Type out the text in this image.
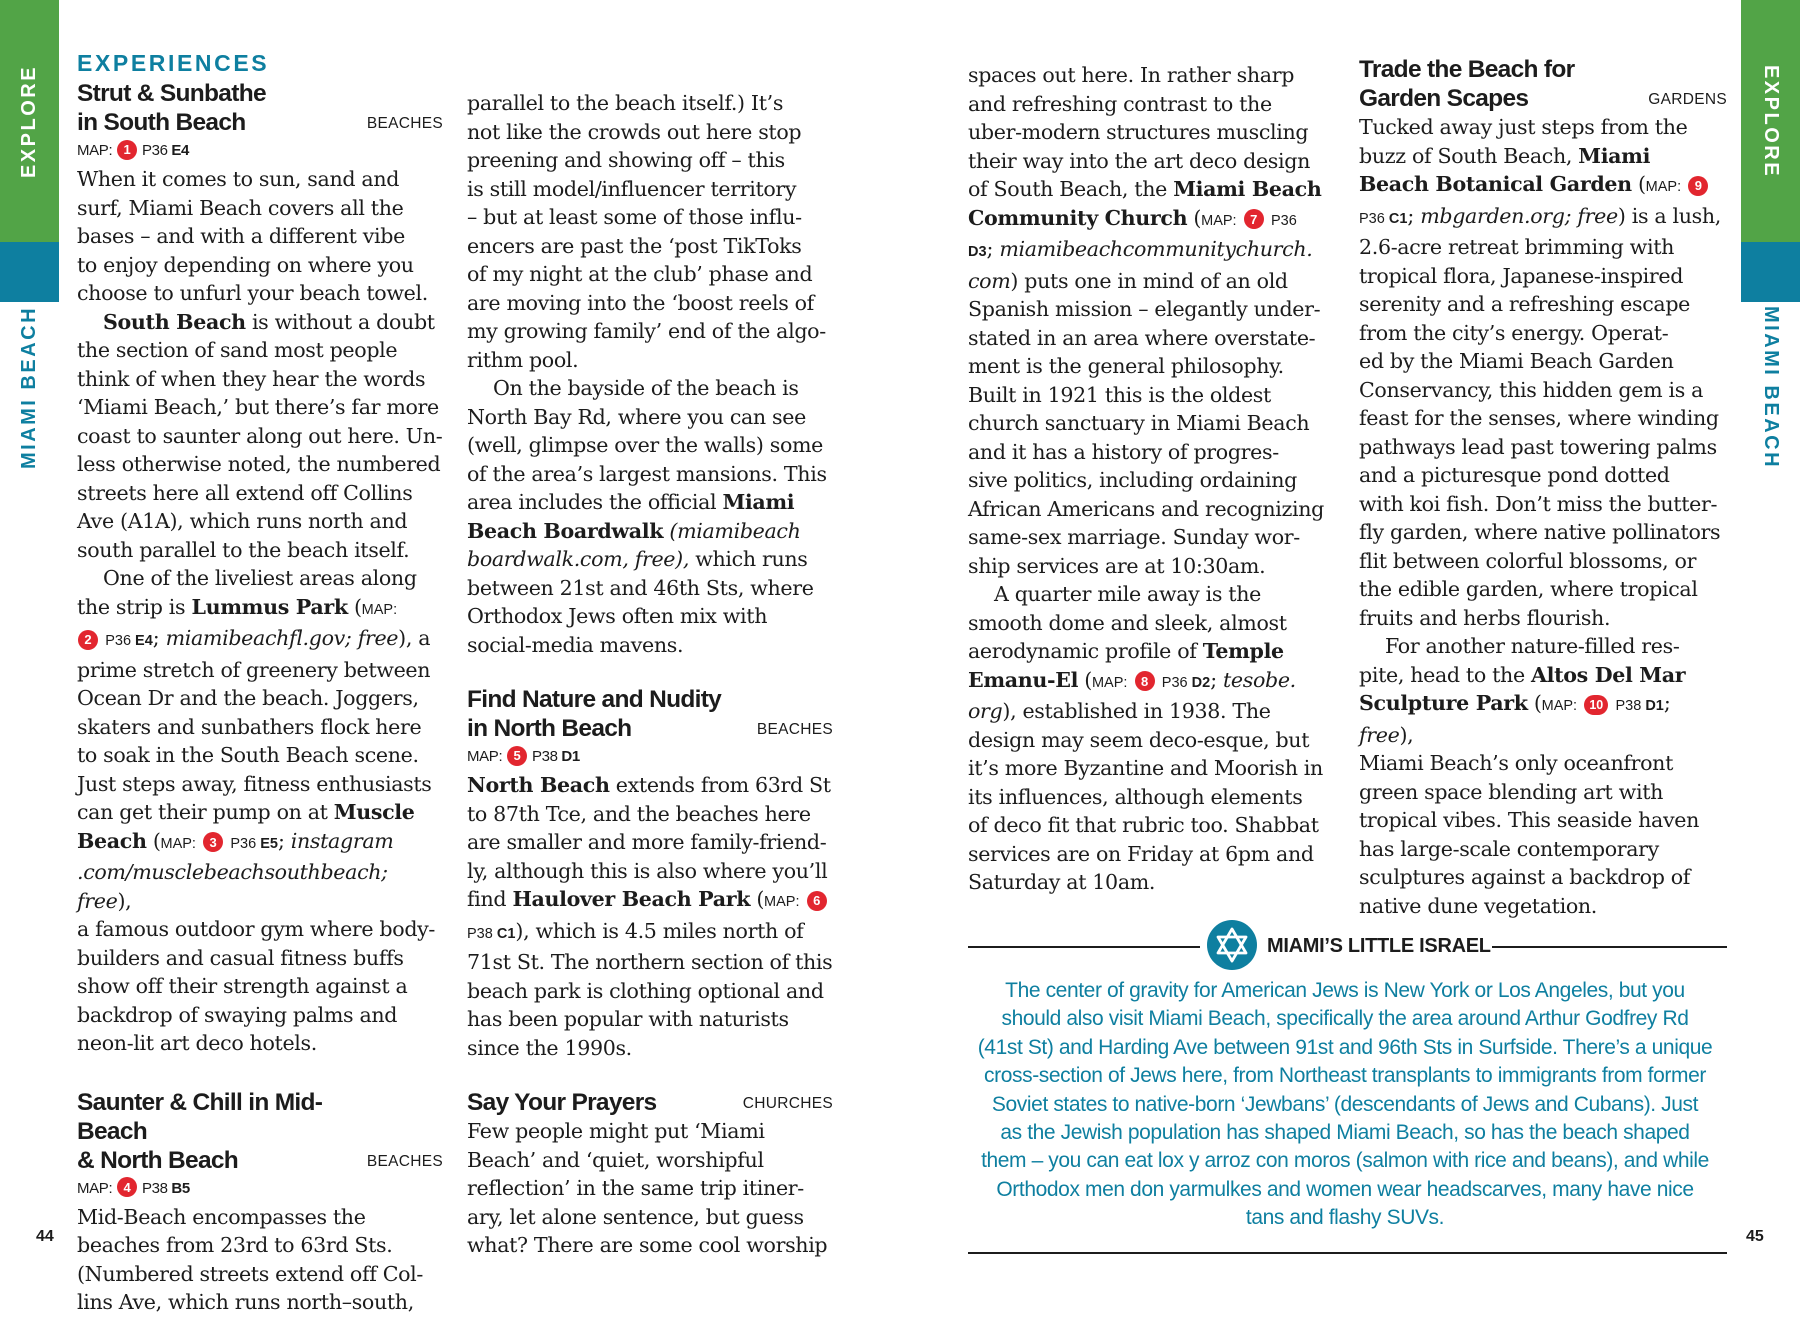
EXPLORE
MIAMI BEACH
EXPLORE
MIAMI BEACH
44	45
EXPERIENCES
Strut & Sunbathe
in South Beach	BEACHES
MAP: 1 P36 E4

When it comes to sun, sand and
surf, Miami Beach covers all the
bases – and with a different vibe
to enjoy depending on where you
choose to unfurl your beach towel.

South Beach is without a doubt
the section of sand most people
think of when they hear the words
‘Miami Beach,’ but there’s far more
coast to saunter along out here. Un-
less otherwise noted, the numbered
streets here all extend off Collins
Ave (A1A), which runs north and
south parallel to the beach itself.

One of the liveliest areas along
the strip is Lummus Park (MAP:
2 P36 E4; miamibeachfl.gov; free), a
prime stretch of greenery between
Ocean Dr and the beach. Joggers,
skaters and sunbathers flock here
to soak in the South Beach scene.
Just steps away, fitness enthusiasts
can get their pump on at Muscle
Beach (MAP: 3 P36 E5; instagram
.com/musclebeachsouthbeach; free),
a famous outdoor gym where body-
builders and casual fitness buffs
show off their strength against a
backdrop of swaying palms and
neon-lit art deco hotels.

Saunter & Chill in Mid-Beach
& North Beach	BEACHES
MAP: 4 P38 B5

Mid-Beach encompasses the
beaches from 23rd to 63rd Sts.
(Numbered streets extend off Col-
lins Ave, which runs north–south,

parallel to the beach itself.) It’s
not like the crowds out here stop
preening and showing off – this
is still model/influencer territory
– but at least some of those influ-
encers are past the ‘post TikToks
of my night at the club’ phase and
are moving into the ‘boost reels of
my growing family’ end of the algo-
rithm pool.

On the bayside of the beach is
North Bay Rd, where you can see
(well, glimpse over the walls) some
of the area’s largest mansions. This
area includes the official Miami
Beach Boardwalk (miamibeach
boardwalk.com, free), which runs
between 21st and 46th Sts, where
Orthodox Jews often mix with
social-media mavens.

Find Nature and Nudity
in North Beach	BEACHES
MAP: 5 P38 D1

North Beach extends from 63rd St
to 87th Tce, and the beaches here
are smaller and more family-friend-
ly, although this is also where you’ll
find Haulover Beach Park (MAP: 6
P38 C1), which is 4.5 miles north of
71st St. The northern section of this
beach park is clothing optional and
has been popular with naturists
since the 1990s.

Say Your Prayers	CHURCHES

Few people might put ‘Miami
Beach’ and ‘quiet, worshipful
reflection’ in the same trip itiner-
ary, let alone sentence, but guess
what? There are some cool worship

spaces out here. In rather sharp
and refreshing contrast to the
uber-modern structures muscling
their way into the art deco design
of South Beach, the Miami Beach
Community Church (MAP: 7 P36
D3; miamibeachcommunitychurch.
com) puts one in mind of an old
Spanish mission – elegantly under-
stated in an area where overstate-
ment is the general philosophy.
Built in 1921 this is the oldest
church sanctuary in Miami Beach
and it has a history of progres-
sive politics, including ordaining
African Americans and recognizing
same-sex marriage. Sunday wor-
ship services are at 10:30am.

A quarter mile away is the
smooth dome and sleek, almost
aerodynamic profile of Temple
Emanu-El (MAP: 8 P36 D2; tesobe.
org), established in 1938. The
design may seem deco-esque, but
it’s more Byzantine and Moorish in
its influences, although elements
of deco fit that rubric too. Shabbat
services are on Friday at 6pm and
Saturday at 10am.

Trade the Beach for
Garden Scapes	GARDENS

Tucked away just steps from the
buzz of South Beach, Miami
Beach Botanical Garden (MAP: 9
P36 C1; mbgarden.org; free) is a lush,
2.6-acre retreat brimming with
tropical flora, Japanese-inspired
serenity and a refreshing escape
from the city’s energy. Operat-
ed by the Miami Beach Garden
Conservancy, this hidden gem is a
feast for the senses, where winding
pathways lead past towering palms
and a picturesque pond dotted
with koi fish. Don’t miss the butter-
fly garden, where native pollinators
flit between colorful blossoms, or
the edible garden, where tropical
fruits and herbs flourish.

For another nature-filled res-
pite, head to the Altos Del Mar
Sculpture Park (MAP: 10 P38 D1; free),
Miami Beach’s only oceanfront
green space blending art with
tropical vibes. This seaside haven
has large-scale contemporary
sculptures against a backdrop of
native dune vegetation.

MIAMI’S LITTLE ISRAEL
The center of gravity for American Jews is New York or Los Angeles, but you
should also visit Miami Beach, specifically the area around Arthur Godfrey Rd
(41st St) and Harding Ave between 91st and 96th Sts in Surfside. There’s a unique
cross-section of Jews here, from Northeast transplants to immigrants from former
Soviet states to native-born ‘Jewbans’ (descendants of Jews and Cubans). Just
as the Jewish population has shaped Miami Beach, so has the beach shaped
them – you can eat lox y arroz con moros (salmon with rice and beans), and while
Orthodox men don yarmulkes and women wear headscarves, many have nice
tans and flashy SUVs.
